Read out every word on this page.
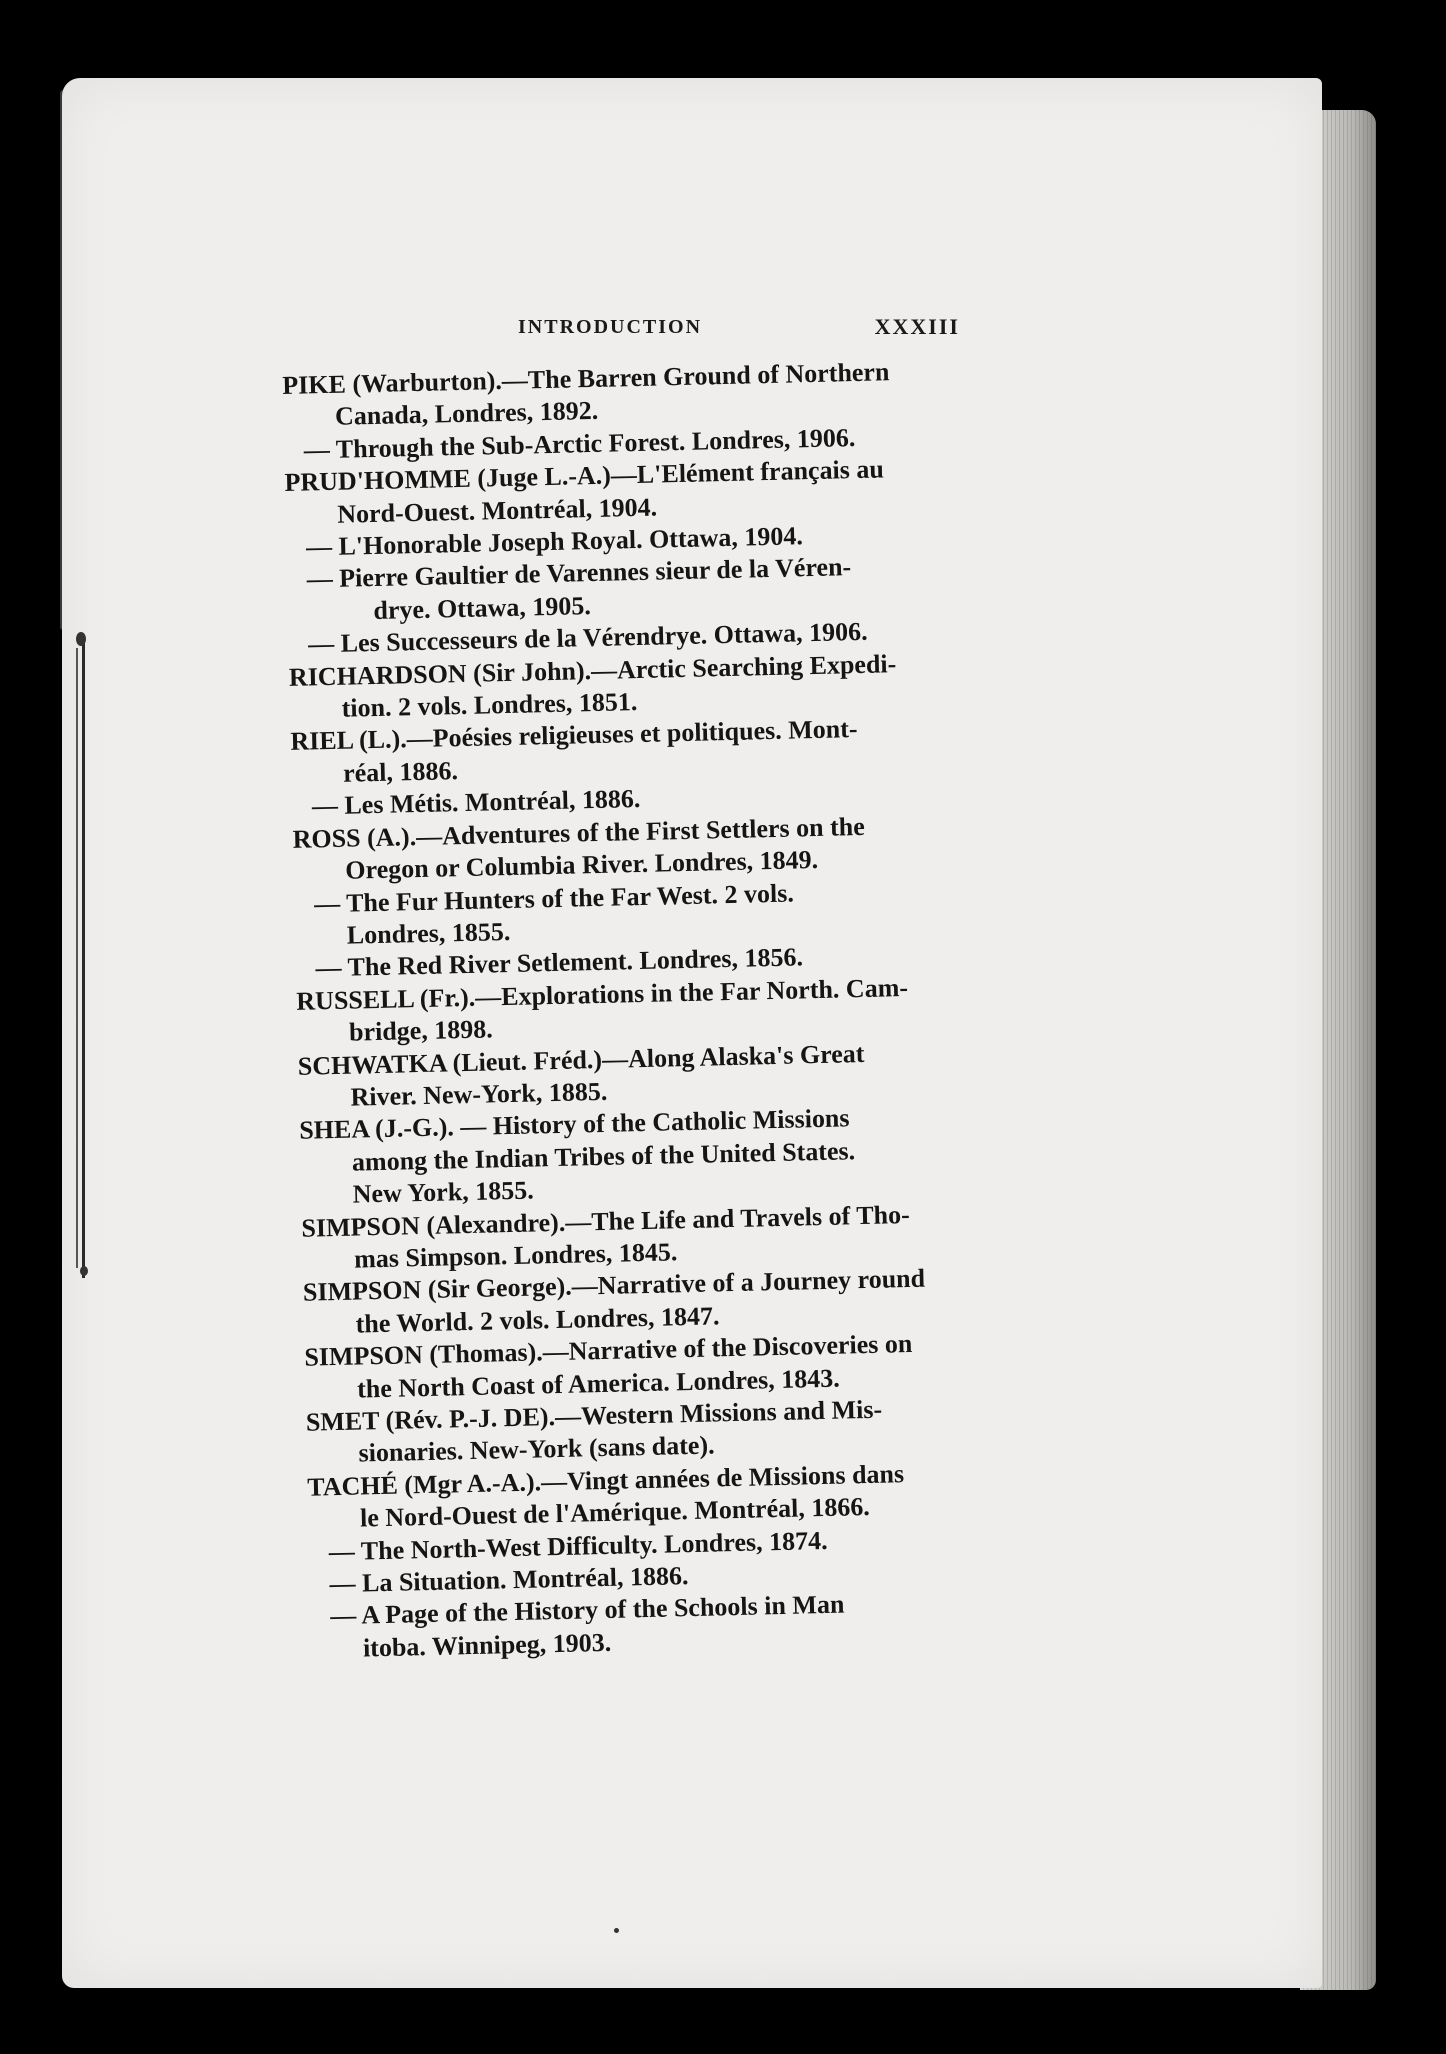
INTRODUCTION	XXXIII
PIKE (Warburton).—The Barren Ground of Northern
Canada, Londres, 1892.
— Through the Sub-Arctic Forest. Londres, 1906.
PRUD'HOMME (Juge L.-A.)—L'Elément français au
Nord-Ouest. Montréal, 1904.
— L'Honorable Joseph Royal. Ottawa, 1904.
— Pierre Gaultier de Varennes sieur de la Véren-
drye. Ottawa, 1905.
— Les Successeurs de la Vérendrye. Ottawa, 1906.
RICHARDSON (Sir John).—Arctic Searching Expedi-
tion. 2 vols. Londres, 1851.
RIEL (L.).—Poésies religieuses et politiques. Mont-
réal, 1886.
— Les Métis. Montréal, 1886.
ROSS (A.).—Adventures of the First Settlers on the
Oregon or Columbia River. Londres, 1849.
— The Fur Hunters of the Far West. 2 vols.
Londres, 1855.
— The Red River Setlement. Londres, 1856.
RUSSELL (Fr.).—Explorations in the Far North. Cam-
bridge, 1898.
SCHWATKA (Lieut. Fréd.)—Along Alaska's Great
River. New-York, 1885.
SHEA (J.-G.). — History of the Catholic Missions
among the Indian Tribes of the United States.
New York, 1855.
SIMPSON (Alexandre).—The Life and Travels of Tho-
mas Simpson. Londres, 1845.
SIMPSON (Sir George).—Narrative of a Journey round
the World. 2 vols. Londres, 1847.
SIMPSON (Thomas).—Narrative of the Discoveries on
the North Coast of America. Londres, 1843.
SMET (Rév. P.-J. DE).—Western Missions and Mis-
sionaries. New-York (sans date).
TACHÉ (Mgr A.-A.).—Vingt années de Missions dans
le Nord-Ouest de l'Amérique. Montréal, 1866.
— The North-West Difficulty. Londres, 1874.
— La Situation. Montréal, 1886.
— A Page of the History of the Schools in Man
itoba. Winnipeg, 1903.
